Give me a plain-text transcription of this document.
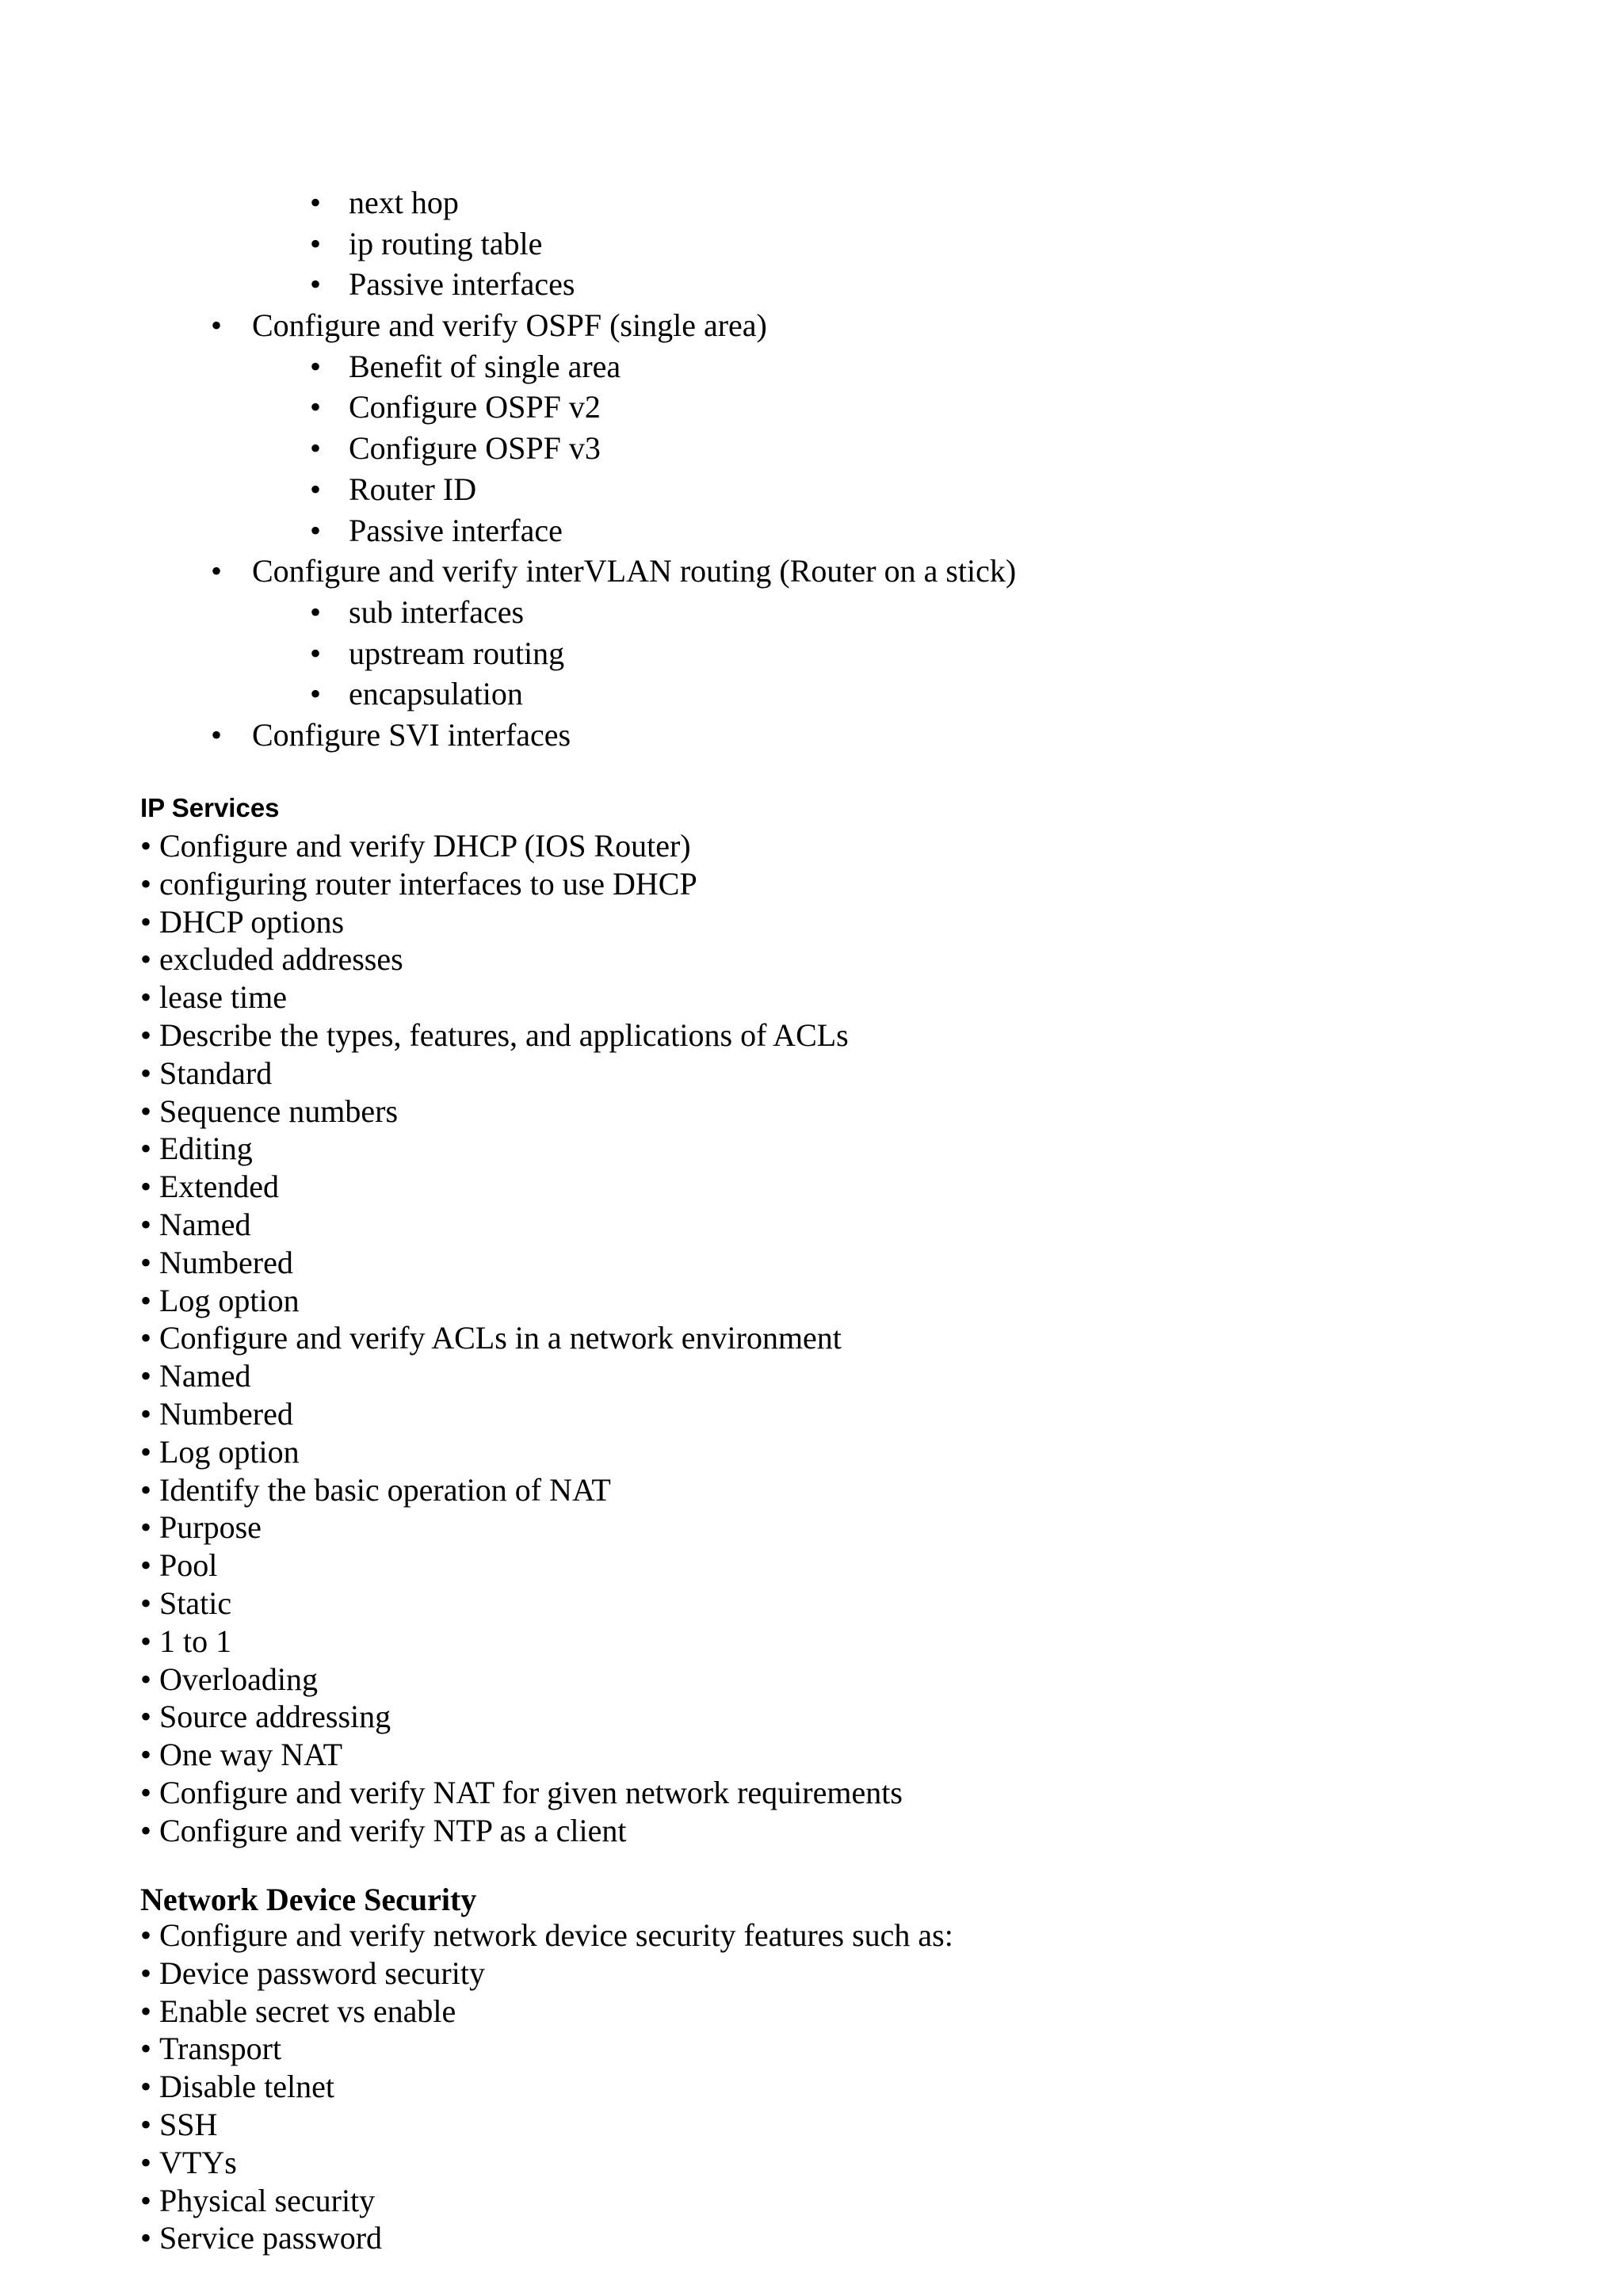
• next hop
• ip routing table
• Passive interfaces
• Configure and verify OSPF (single area)
• Benefit of single area
• Configure OSPF v2
• Configure OSPF v3
• Router ID
• Passive interface
• Configure and verify interVLAN routing (Router on a stick)
• sub interfaces
• upstream routing
• encapsulation
• Configure SVI interfaces
IP Services
• Configure and verify DHCP (IOS Router)
• configuring router interfaces to use DHCP
• DHCP options
• excluded addresses
• lease time
• Describe the types, features, and applications of ACLs
• Standard
• Sequence numbers
• Editing
• Extended
• Named
• Numbered
• Log option
• Configure and verify ACLs in a network environment
• Named
• Numbered
• Log option
• Identify the basic operation of NAT
• Purpose
• Pool
• Static
• 1 to 1
• Overloading
• Source addressing
• One way NAT
• Configure and verify NAT for given network requirements
• Configure and verify NTP as a client
Network Device Security
• Configure and verify network device security features such as:
• Device password security
• Enable secret vs enable
• Transport
• Disable telnet
• SSH
• VTYs
• Physical security
• Service password
